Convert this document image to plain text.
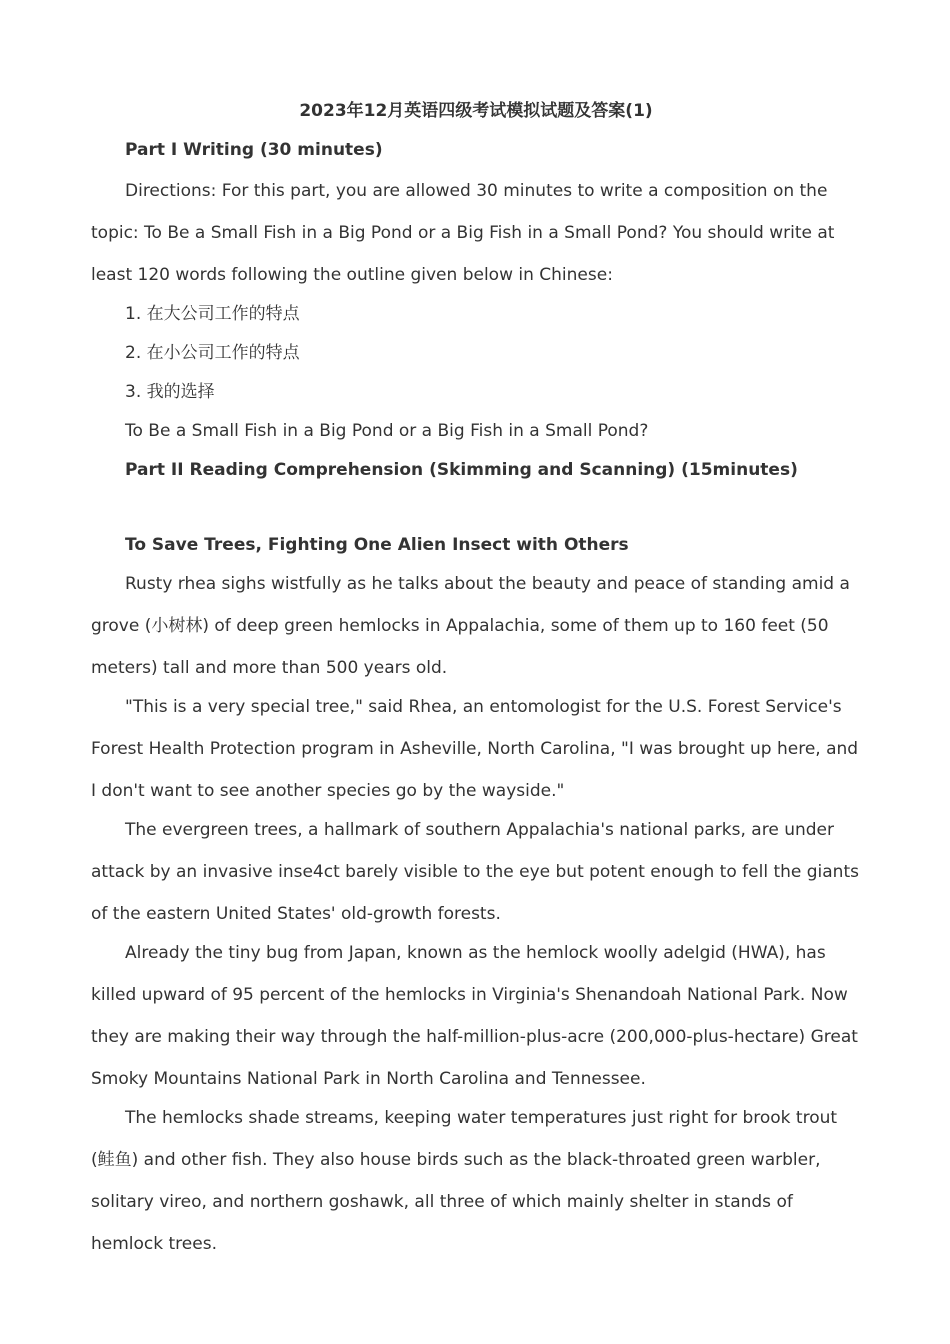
2023年12月英语四级考试模拟试题及答案(1)
Part I Writing (30 minutes)
Directions: For this part, you are allowed 30 minutes to write a composition on the topic: To Be a Small Fish in a Big Pond or a Big Fish in a Small Pond? You should write at least 120 words following the outline given below in Chinese:
1. 在大公司工作的特点
2. 在小公司工作的特点
3. 我的选择
To Be a Small Fish in a Big Pond or a Big Fish in a Small Pond?
Part II Reading Comprehension (Skimming and Scanning) (15minutes)
To Save Trees, Fighting One Alien Insect with Others
Rusty rhea sighs wistfully as he talks about the beauty and peace of standing amid a grove (小树林) of deep green hemlocks in Appalachia, some of them up to 160 feet (50 meters) tall and more than 500 years old.
"This is a very special tree," said Rhea, an entomologist for the U.S. Forest Service's Forest Health Protection program in Asheville, North Carolina, "I was brought up here, and I don't want to see another species go by the wayside."
The evergreen trees, a hallmark of southern Appalachia's national parks, are under attack by an invasive inse4ct barely visible to the eye but potent enough to fell the giants of the eastern United States' old-growth forests.
Already the tiny bug from Japan, known as the hemlock woolly adelgid (HWA), has killed upward of 95 percent of the hemlocks in Virginia's Shenandoah National Park. Now they are making their way through the half-million-plus-acre (200,000-plus-hectare) Great Smoky Mountains National Park in North Carolina and Tennessee.
The hemlocks shade streams, keeping water temperatures just right for brook trout (鲑鱼) and other fish. They also house birds such as the black-throated green warbler, solitary vireo, and northern goshawk, all three of which mainly shelter in stands of hemlock trees.
